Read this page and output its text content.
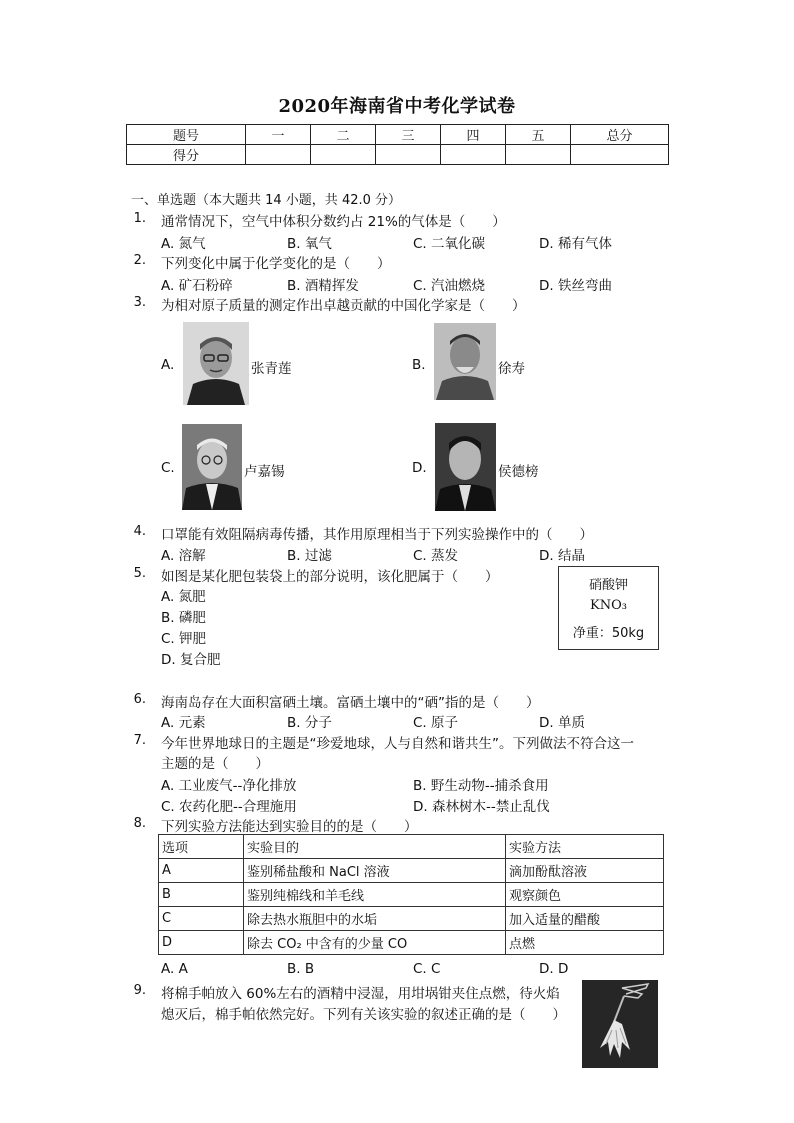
2020年海南省中考化学试卷
题号	一	二	三	四	五	总分
得分						
一、单选题（本大题共 14 小题，共 42.0 分）
1. 通常情况下，空气中体积分数约占 21%的气体是（　　）
A. 氮气	B. 氧气	C. 二氧化碳	D. 稀有气体
2. 下列变化中属于化学变化的是（　　）
A. 矿石粉碎	B. 酒精挥发	C. 汽油燃烧	D. 铁丝弯曲
3. 为相对原子质量的测定作出卓越贡献的中国化学家是（　　）
A.	张青莲	B.	徐寿
C.	卢嘉锡	D.	侯德榜
4. 口罩能有效阻隔病毒传播，其作用原理相当于下列实验操作中的（　　）
A. 溶解	B. 过滤	C. 蒸发	D. 结晶
5. 如图是某化肥包装袋上的部分说明，该化肥属于（　　）
A. 氮肥
B. 磷肥
C. 钾肥
D. 复合肥
硝酸钾
KNO₃
净重：50kg
6. 海南岛存在大面积富硒土壤。富硒土壤中的“硒”指的是（　　）
A. 元素	B. 分子	C. 原子	D. 单质
7. 今年世界地球日的主题是“珍爱地球，人与自然和谐共生”。下列做法不符合这一
主题的是（　　）
A. 工业废气--净化排放	B. 野生动物--捕杀食用
C. 农药化肥--合理施用	D. 森林树木--禁止乱伐
8. 下列实验方法能达到实验目的的是（　　）
选项	实验目的	实验方法
A	鉴别稀盐酸和 NaCl 溶液	滴加酚酞溶液
B	鉴别纯棉线和羊毛线	观察颜色
C	除去热水瓶胆中的水垢	加入适量的醋酸
D	除去 CO₂ 中含有的少量 CO	点燃
A. A	B. B	C. C	D. D
9. 将棉手帕放入 60%左右的酒精中浸湿，用坩埚钳夹住点燃，待火焰
熄灭后，棉手帕依然完好。下列有关该实验的叙述正确的是（　　）
